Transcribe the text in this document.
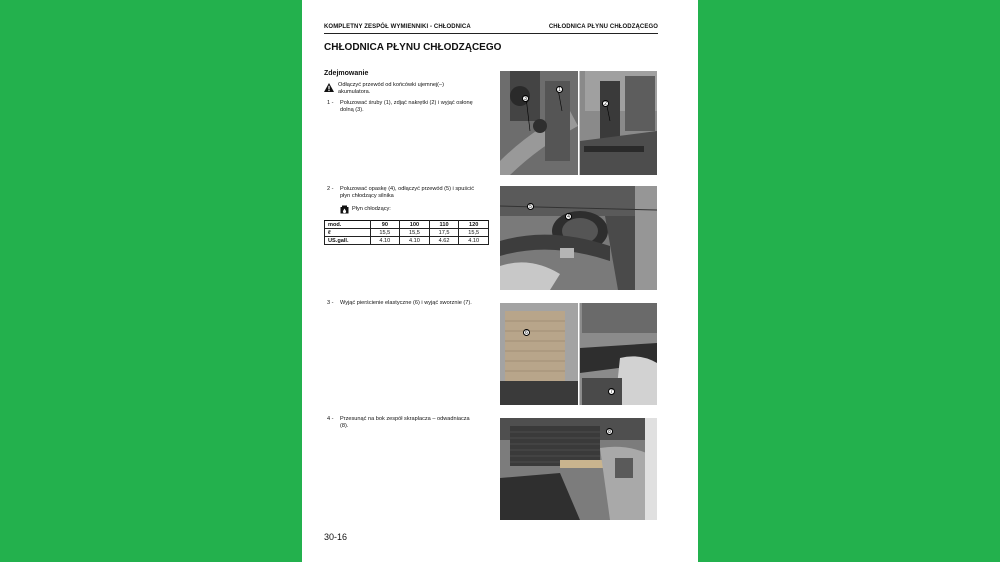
KOMPLETNY ZESPÓŁ WYMIENNIKI - CHŁODNICA	CHŁODNICA PŁYNU CHŁODZĄCEGO
CHŁODNICA PŁYNU CHŁODZĄCEGO
Zdejmowanie
Odłączyć przewód od końcówki ujemnej(–)
akumulatora.
1 - Poluzować śruby (1), zdjąć nakrętki (2) i wyjąć osłonę
dolną (3).
2 - Poluzować opaskę (4), odłączyć przewód (5) i spuścić
płyn chłodzący silnika
Płyn chłodzący:
mod.	90	100	110	120
ℓ	15,5	15,5	17,5	15,5
US.gall.	4.10	4.10	4.62	4.10
3 - Wyjąć pierścienie elastyczne (6) i wyjąć sworznie (7).
4 - Przesunąć na bok zespół skraplacza – odwadniacza
(8).
3
1
2
5
4
6
7
8
30-16
